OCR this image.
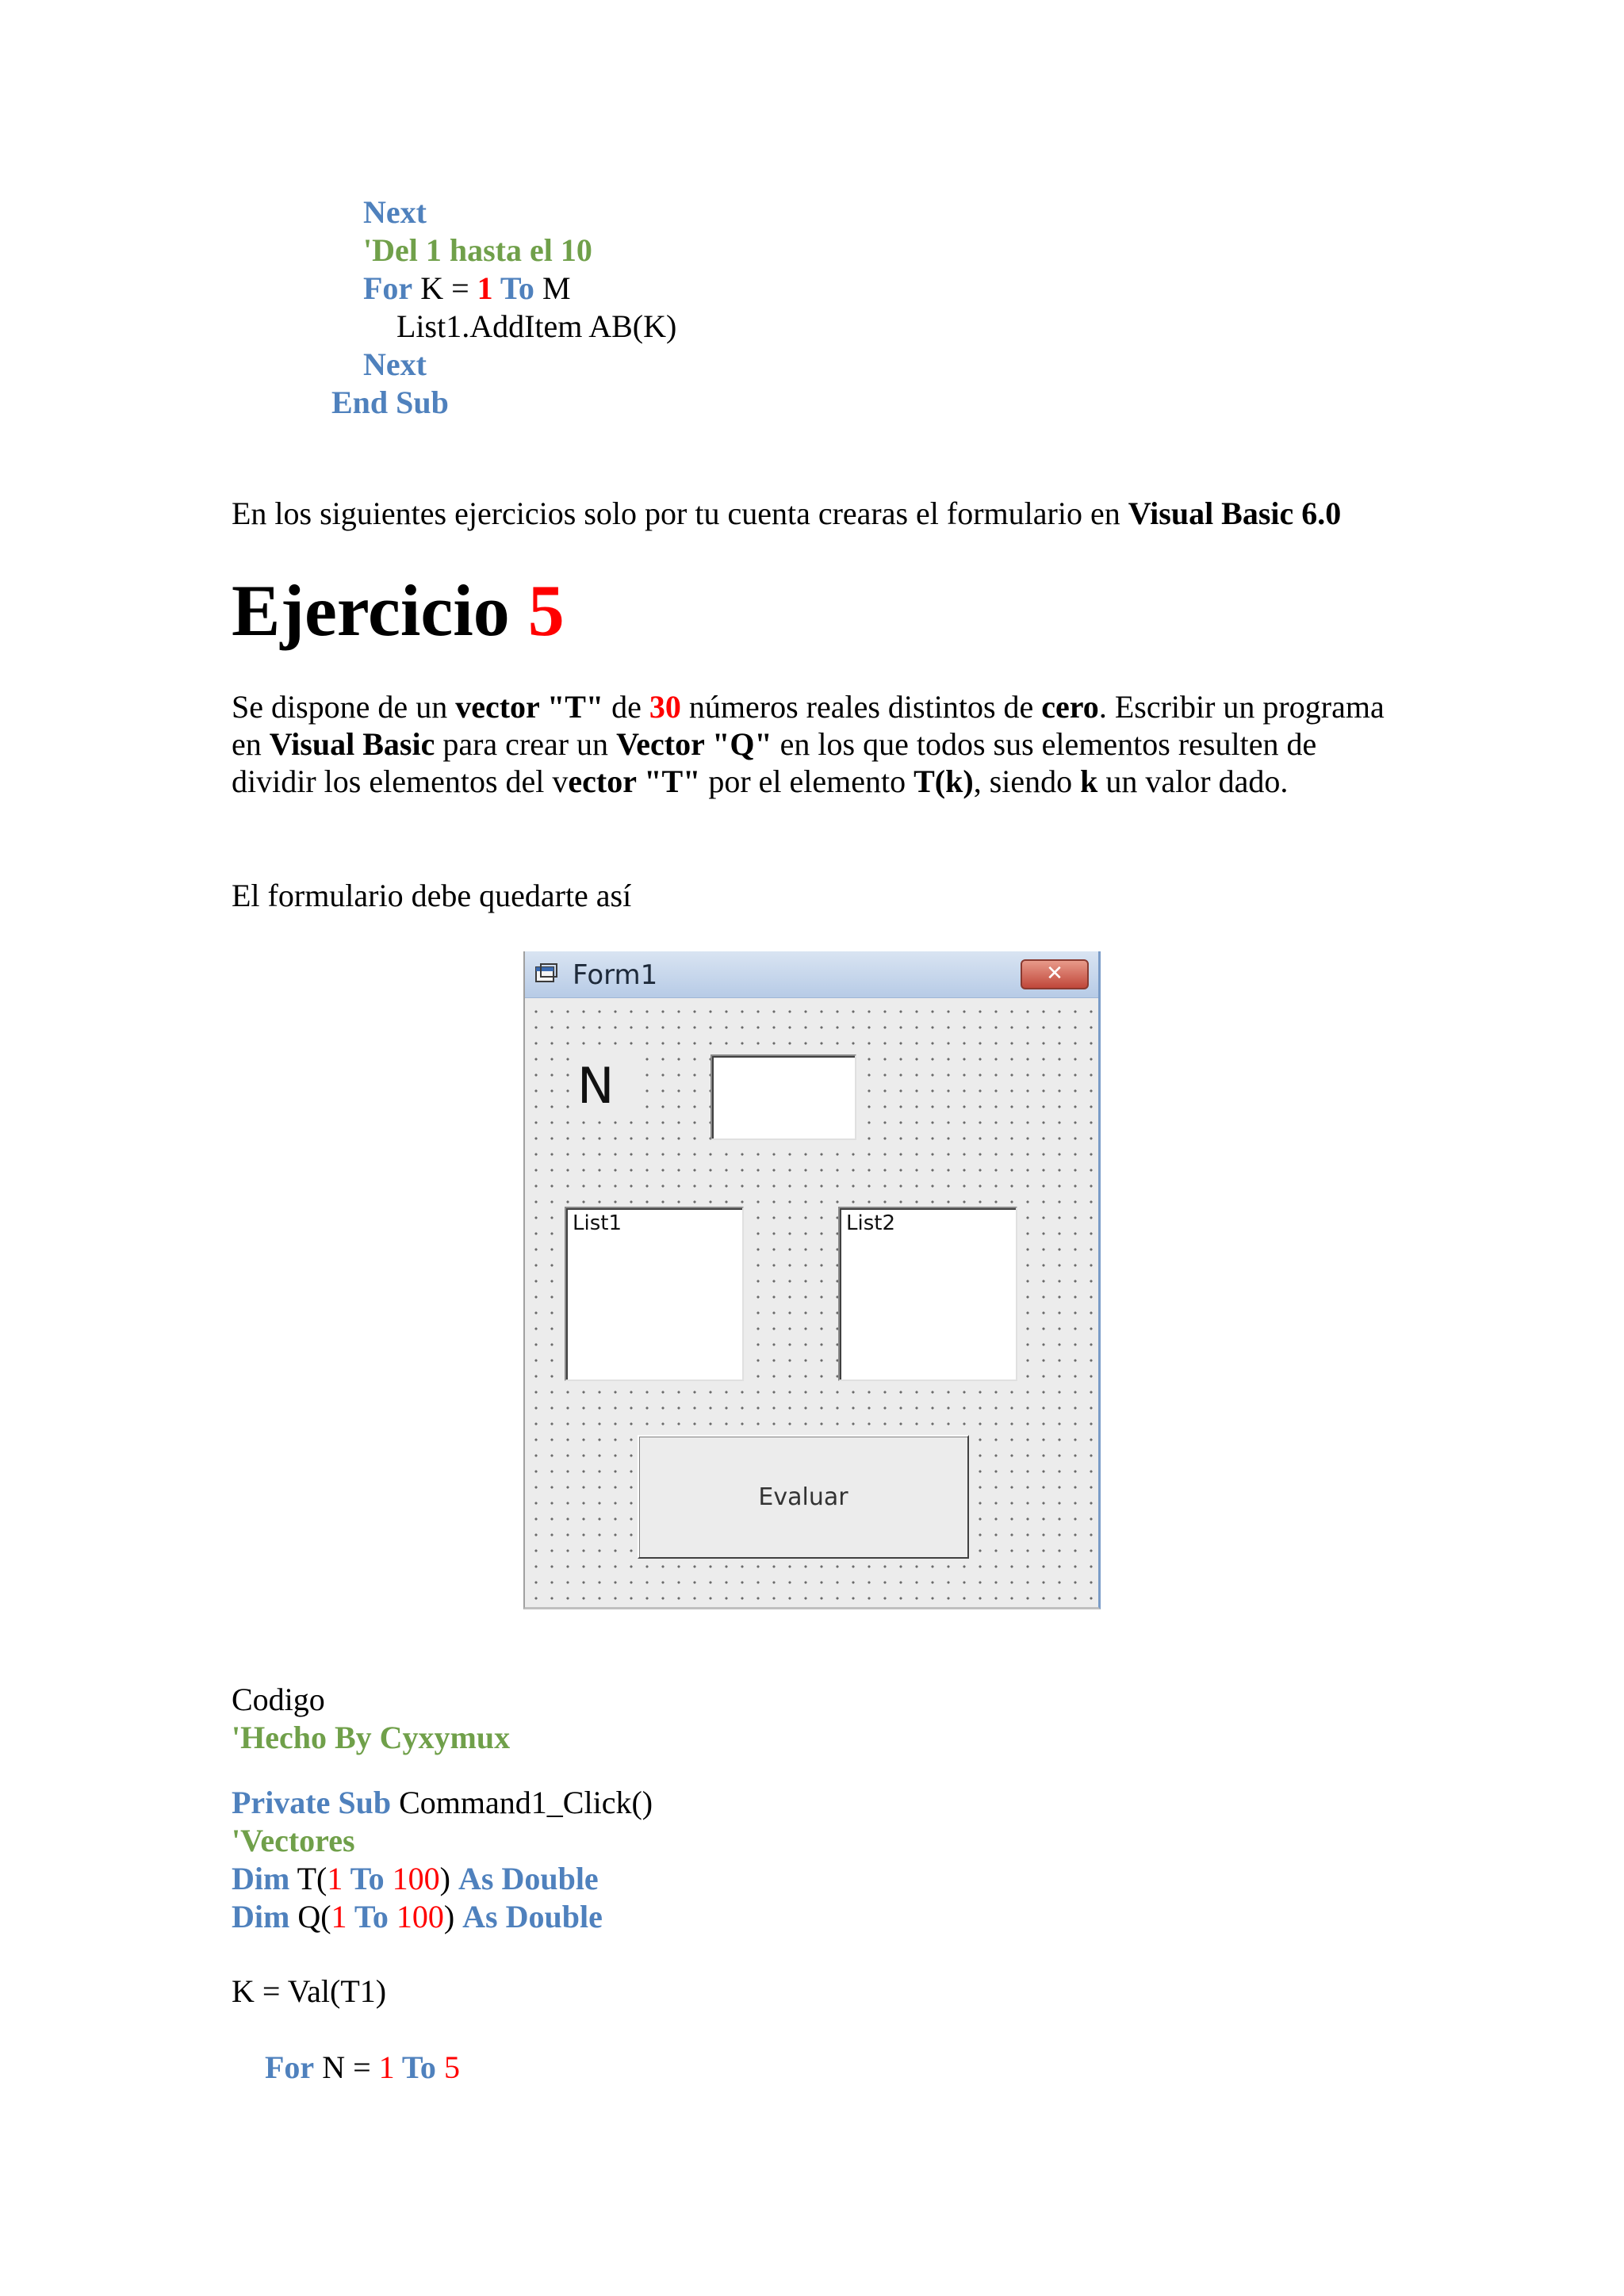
Next
'Del 1 hasta el 10
For K = 1 To M
List1.AddItem AB(K)
Next
End Sub
En los siguientes ejercicios solo por tu cuenta crearas el formulario en Visual Basic 6.0
Ejercicio 5
Se dispone de un vector "T" de 30 números reales distintos de cero. Escribir un programa en Visual Basic para crear un Vector "Q" en los que todos sus elementos resulten de dividir los elementos del vector "T" por el elemento T(k), siendo k un valor dado.
El formulario debe quedarte así
Form1	✕
N
List1	List2
Evaluar
Codigo
'Hecho By Cyxymux
Private Sub Command1_Click()
'Vectores
Dim T(1 To 100) As Double
Dim Q(1 To 100) As Double
K = Val(T1)
For N = 1 To 5
